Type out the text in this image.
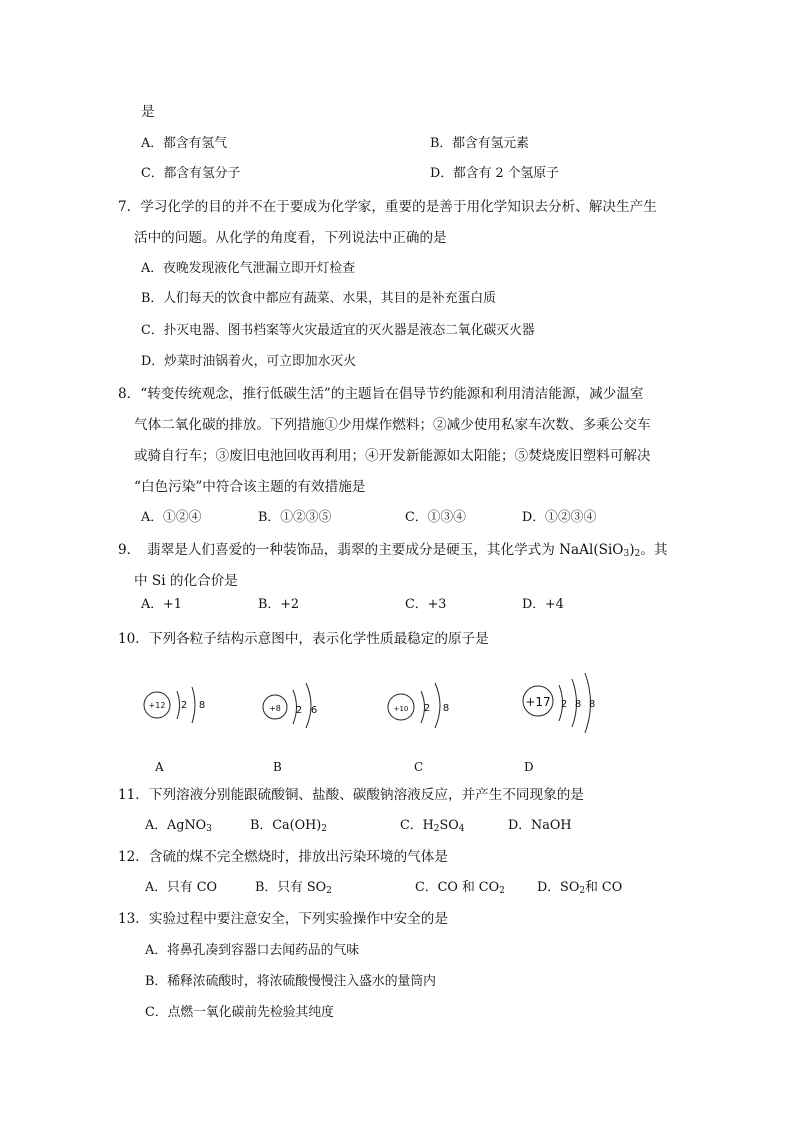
是
A．都含有氢气	B．都含有氢元素
C．都含有氢分子	D．都含有 2 个氢原子
7．学习化学的目的并不在于要成为化学家，重要的是善于用化学知识去分析、解决生产生
活中的问题。从化学的角度看，下列说法中正确的是
A．夜晚发现液化气泄漏立即开灯检查
B．人们每天的饮食中都应有蔬菜、水果，其目的是补充蛋白质
C．扑灭电器、图书档案等火灾最适宜的灭火器是液态二氧化碳灭火器
D．炒菜时油锅着火，可立即加水灭火
8．“转变传统观念，推行低碳生活”的主题旨在倡导节约能源和利用清洁能源，减少温室
气体二氧化碳的排放。下列措施①少用煤作燃料；②减少使用私家车次数、多乘公交车
或骑自行车；③废旧电池回收再利用；④开发新能源如太阳能；⑤焚烧废旧塑料可解决
“白色污染”中符合该主题的有效措施是
A．①②④	B．①②③⑤	C．①③④	D．①②③④
9．　翡翠是人们喜爱的一种装饰品，翡翠的主要成分是硬玉，其化学式为 $NaAl(SiO_3)_2$。其
中 Si 的化合价是
A．+1	B．+2	C．+3	D．+4
10．下列各粒子结构示意图中，表示化学性质最稳定的原子是
+12 2 8	+8 2 6	+10 2 8	+17 2 8 8
A	B	C	D
11．下列溶液分别能跟硫酸铜、盐酸、碳酸钠溶液反应，并产生不同现象的是
A．AgNO$_3$	B．$Ca(OH)_2$	C．$H_2SO_4$	D．NaOH
12．含硫的煤不完全燃烧时，排放出污染环境的气体是
A．只有 CO	B．只有 $SO_2$	C．CO 和 $CO_2$	D．$SO_2$和 CO
13．实验过程中要注意安全，下列实验操作中安全的是
A．将鼻孔凑到容器口去闻药品的气味
B．稀释浓硫酸时，将浓硫酸慢慢注入盛水的量筒内
C．点燃一氧化碳前先检验其纯度
